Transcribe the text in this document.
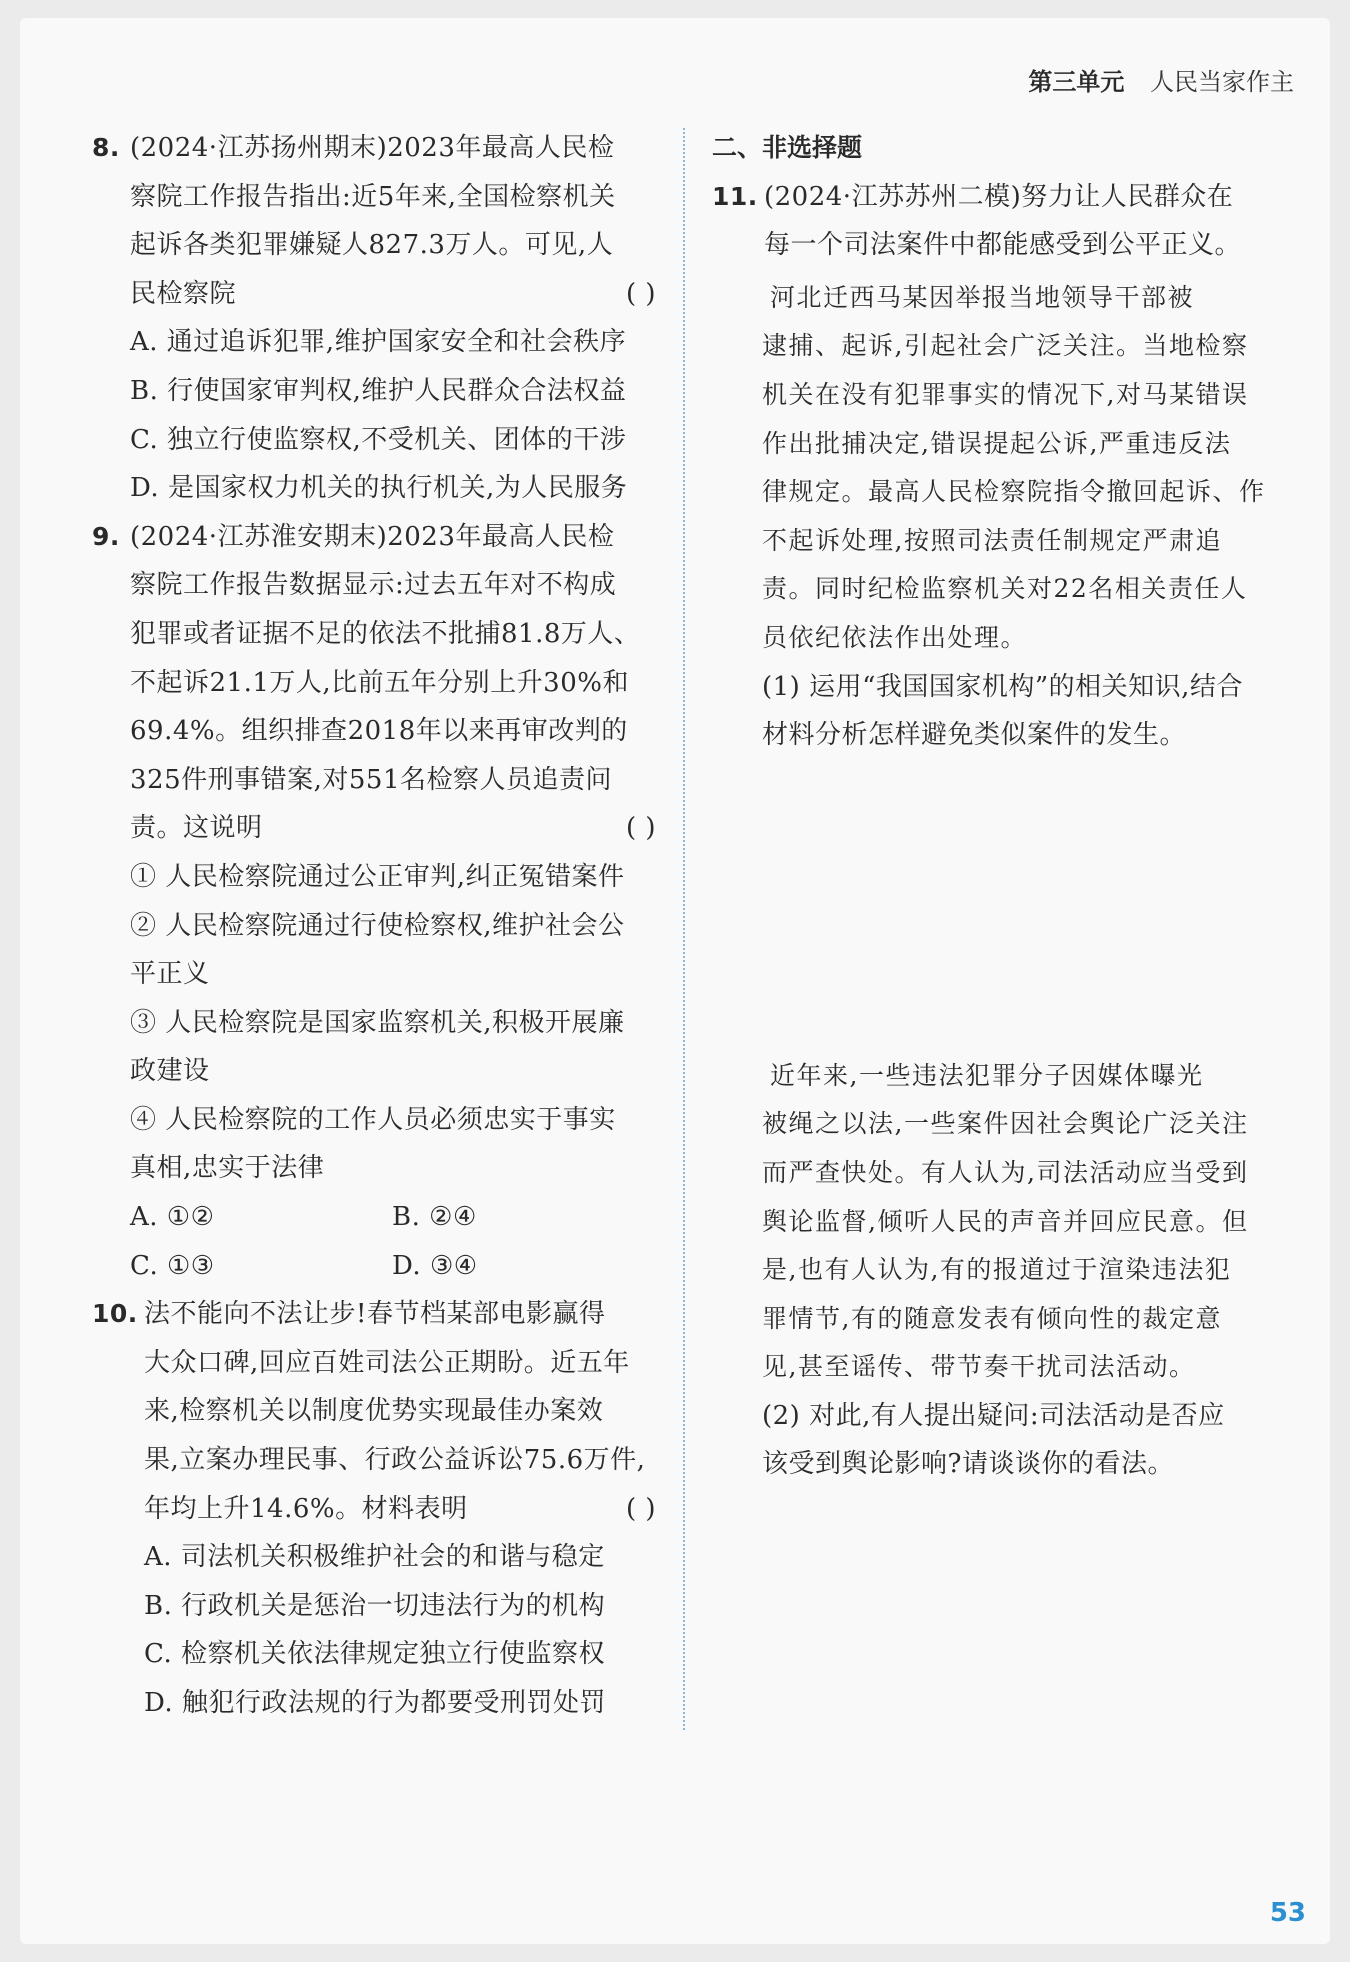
第三单元 人民当家作主
8. (2024·江苏扬州期末)2023年最高人民检
察院工作报告指出:近5年来,全国检察机关
起诉各类犯罪嫌疑人827.3万人。可见,人
民检察院	( )
A. 通过追诉犯罪,维护国家安全和社会秩序
B. 行使国家审判权,维护人民群众合法权益
C. 独立行使监察权,不受机关、团体的干涉
D. 是国家权力机关的执行机关,为人民服务
9. (2024·江苏淮安期末)2023年最高人民检
察院工作报告数据显示:过去五年对不构成
犯罪或者证据不足的依法不批捕81.8万人、
不起诉21.1万人,比前五年分别上升30%和
69.4%。组织排查2018年以来再审改判的
325件刑事错案,对551名检察人员追责问
责。这说明	( )
① 人民检察院通过公正审判,纠正冤错案件
② 人民检察院通过行使检察权,维护社会公
平正义
③ 人民检察院是国家监察机关,积极开展廉
政建设
④ 人民检察院的工作人员必须忠实于事实
真相,忠实于法律
A. ①②	B. ②④
C. ①③	D. ③④
10. 法不能向不法让步!春节档某部电影赢得
大众口碑,回应百姓司法公正期盼。近五年
来,检察机关以制度优势实现最佳办案效
果,立案办理民事、行政公益诉讼75.6万件,
年均上升14.6%。材料表明	( )
A. 司法机关积极维护社会的和谐与稳定
B. 行政机关是惩治一切违法行为的机构
C. 检察机关依法律规定独立行使监察权
D. 触犯行政法规的行为都要受刑罚处罚
二、非选择题
11. (2024·江苏苏州二模)努力让人民群众在
每一个司法案件中都能感受到公平正义。
河北迁西马某因举报当地领导干部被
逮捕、起诉,引起社会广泛关注。当地检察
机关在没有犯罪事实的情况下,对马某错误
作出批捕决定,错误提起公诉,严重违反法
律规定。最高人民检察院指令撤回起诉、作
不起诉处理,按照司法责任制规定严肃追
责。同时纪检监察机关对22名相关责任人
员依纪依法作出处理。
(1) 运用“我国国家机构”的相关知识,结合
材料分析怎样避免类似案件的发生。
近年来,一些违法犯罪分子因媒体曝光
被绳之以法,一些案件因社会舆论广泛关注
而严查快处。有人认为,司法活动应当受到
舆论监督,倾听人民的声音并回应民意。但
是,也有人认为,有的报道过于渲染违法犯
罪情节,有的随意发表有倾向性的裁定意
见,甚至谣传、带节奏干扰司法活动。
(2) 对此,有人提出疑问:司法活动是否应
该受到舆论影响?请谈谈你的看法。
53
